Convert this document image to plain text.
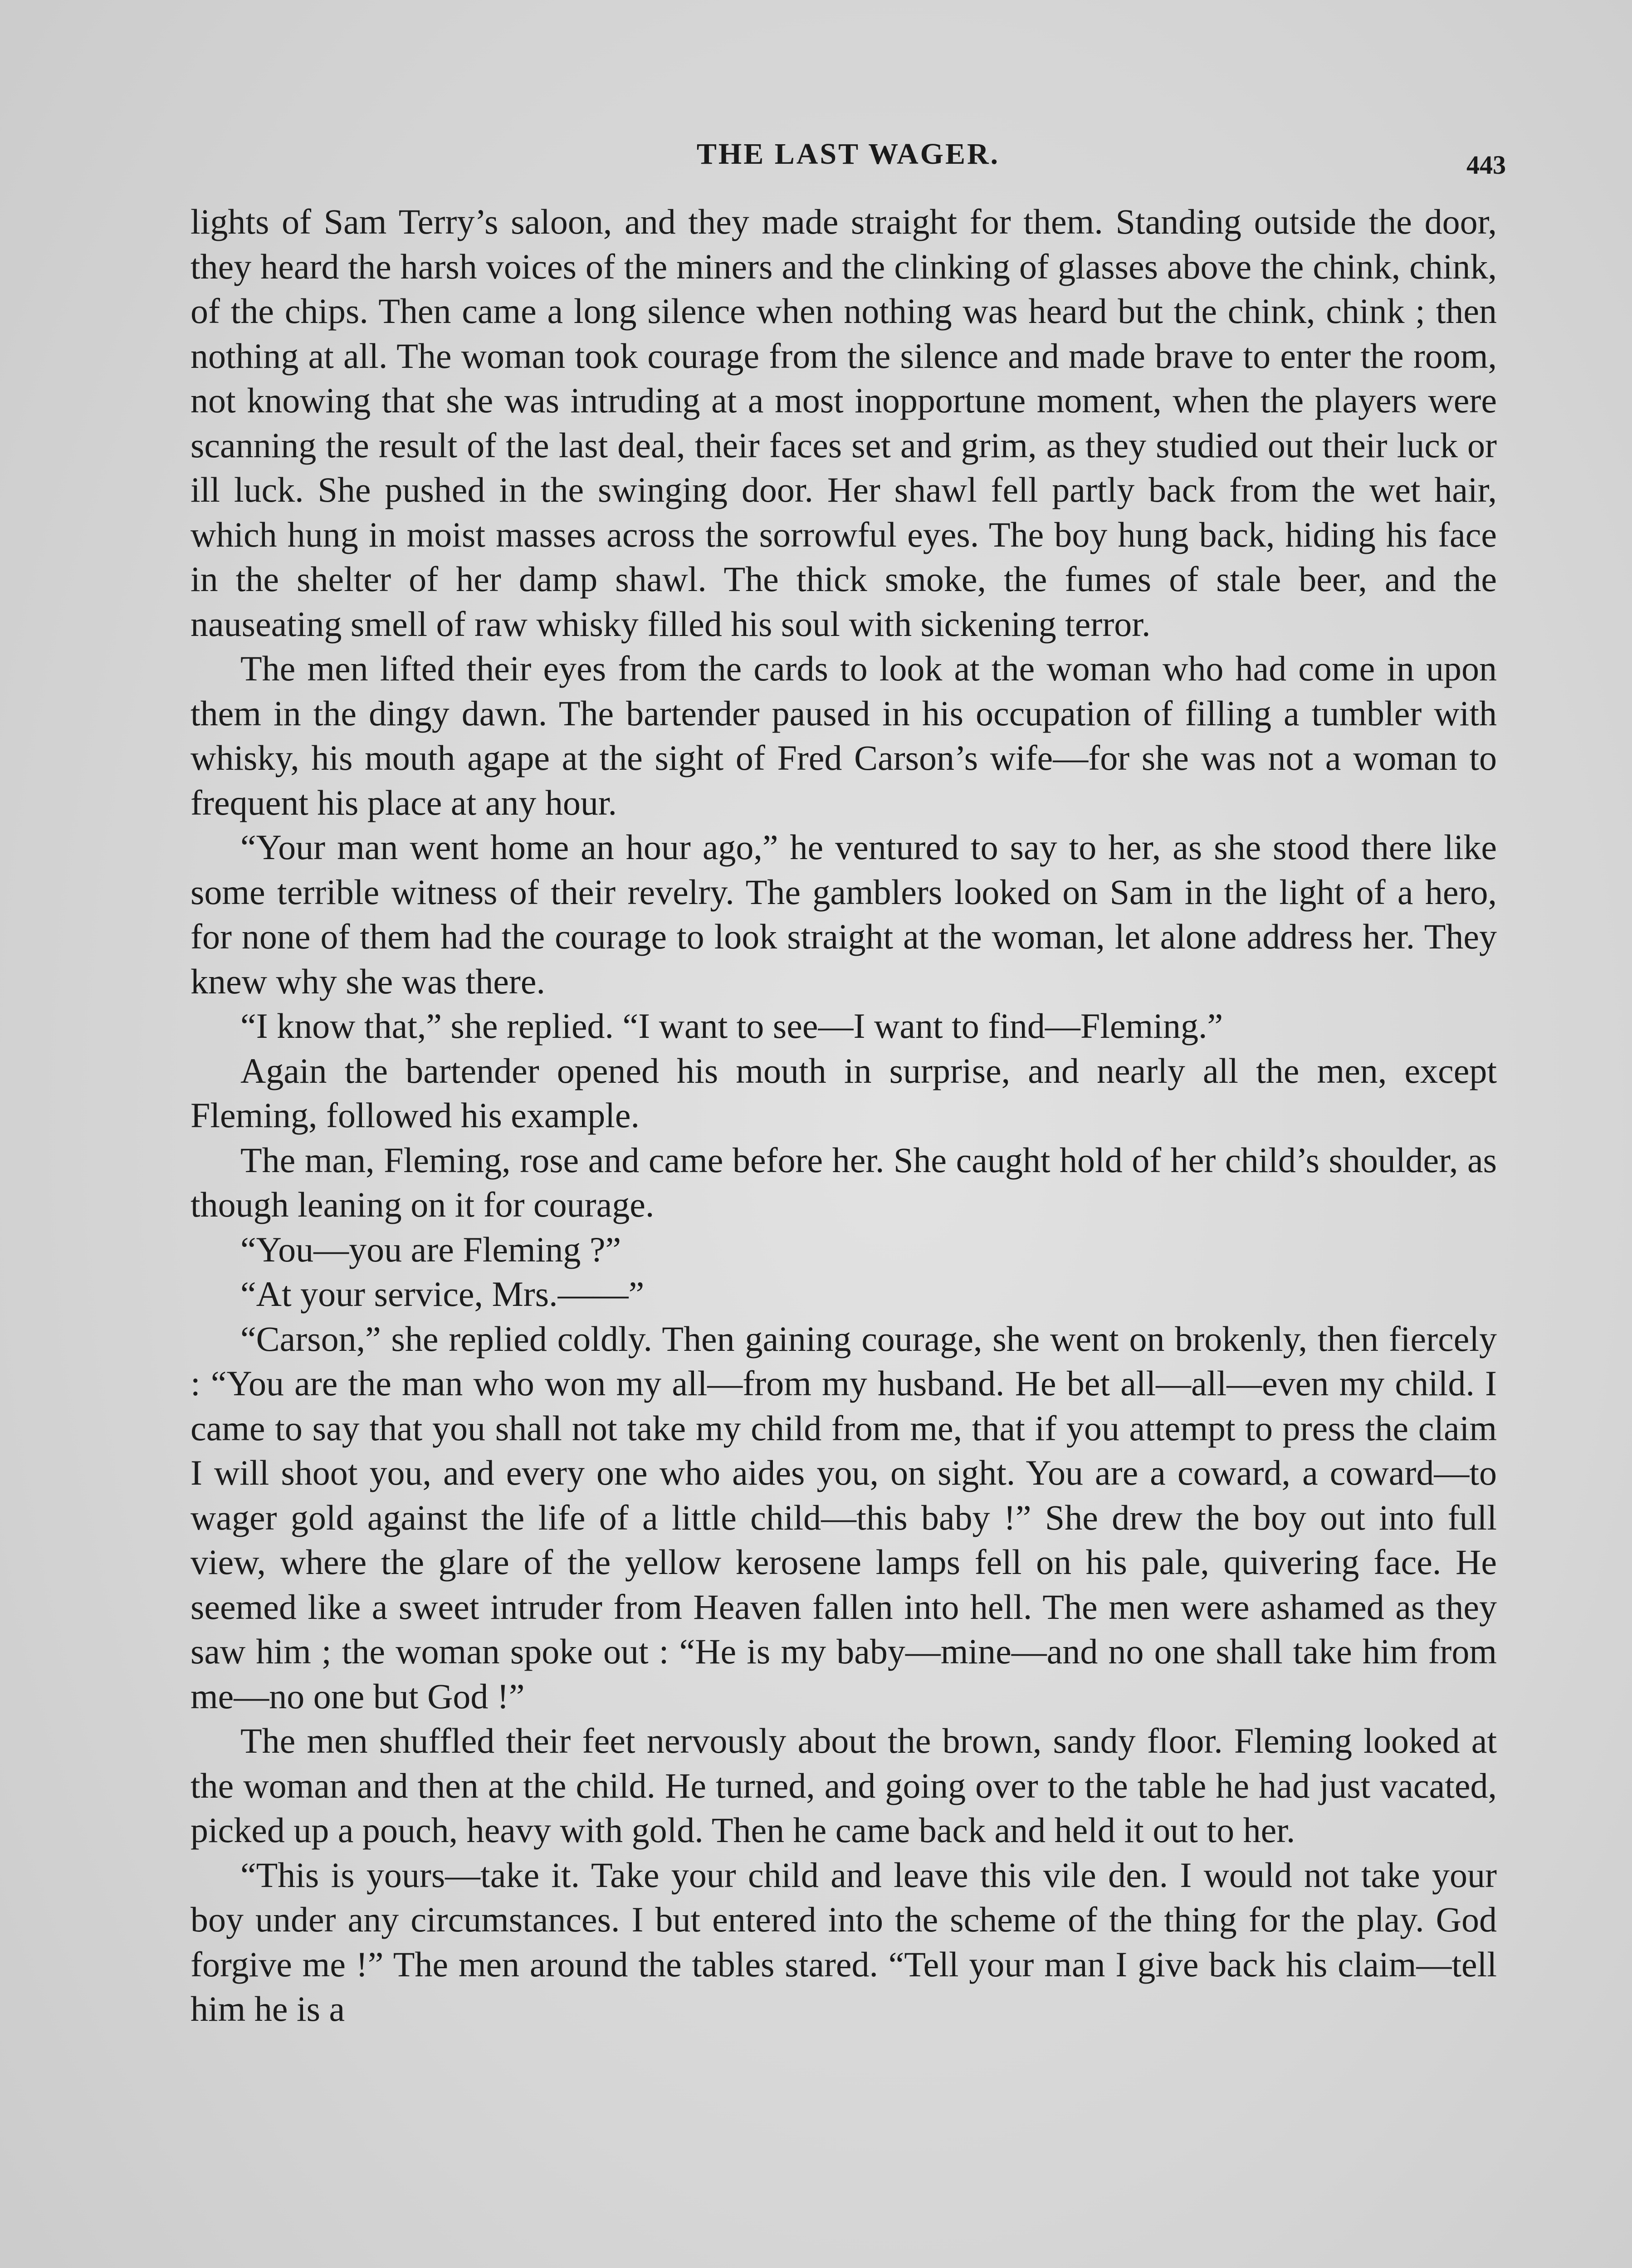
THE LAST WAGER.	443

lights of Sam Terry’s saloon, and they made straight for them. Standing outside the door, they heard the harsh voices of the miners and the clinking of glasses above the chink, chink, of the chips. Then came a long silence when nothing was heard but the chink, chink ; then nothing at all. The woman took courage from the silence and made brave to enter the room, not knowing that she was intruding at a most inopportune moment, when the players were scanning the result of the last deal, their faces set and grim, as they studied out their luck or ill luck. She pushed in the swinging door. Her shawl fell partly back from the wet hair, which hung in moist masses across the sorrowful eyes. The boy hung back, hiding his face in the shelter of her damp shawl. The thick smoke, the fumes of stale beer, and the nauseating smell of raw whisky filled his soul with sickening terror.

The men lifted their eyes from the cards to look at the woman who had come in upon them in the dingy dawn. The bartender paused in his occupation of filling a tumbler with whisky, his mouth agape at the sight of Fred Carson’s wife—for she was not a woman to frequent his place at any hour.

“Your man went home an hour ago,” he ventured to say to her, as she stood there like some terrible witness of their revelry. The gamblers looked on Sam in the light of a hero, for none of them had the courage to look straight at the woman, let alone address her. They knew why she was there.

“I know that,” she replied. “I want to see—I want to find—Fleming.”

Again the bartender opened his mouth in surprise, and nearly all the men, except Fleming, followed his example.

The man, Fleming, rose and came before her. She caught hold of her child’s shoulder, as though leaning on it for courage.

“You—you are Fleming ?”

“At your service, Mrs.——”

“Carson,” she replied coldly. Then gaining courage, she went on brokenly, then fiercely : “You are the man who won my all—from my husband. He bet all—all—even my child. I came to say that you shall not take my child from me, that if you attempt to press the claim I will shoot you, and every one who aides you, on sight. You are a coward, a coward—to wager gold against the life of a little child—this baby !” She drew the boy out into full view, where the glare of the yellow kerosene lamps fell on his pale, quivering face. He seemed like a sweet intruder from Heaven fallen into hell. The men were ashamed as they saw him ; the woman spoke out : “He is my baby—mine—and no one shall take him from me—no one but God !”

The men shuffled their feet nervously about the brown, sandy floor. Fleming looked at the woman and then at the child. He turned, and going over to the table he had just vacated, picked up a pouch, heavy with gold. Then he came back and held it out to her.

“This is yours—take it. Take your child and leave this vile den. I would not take your boy under any circumstances. I but entered into the scheme of the thing for the play. God forgive me !” The men around the tables stared. “Tell your man I give back his claim—tell him he is a
